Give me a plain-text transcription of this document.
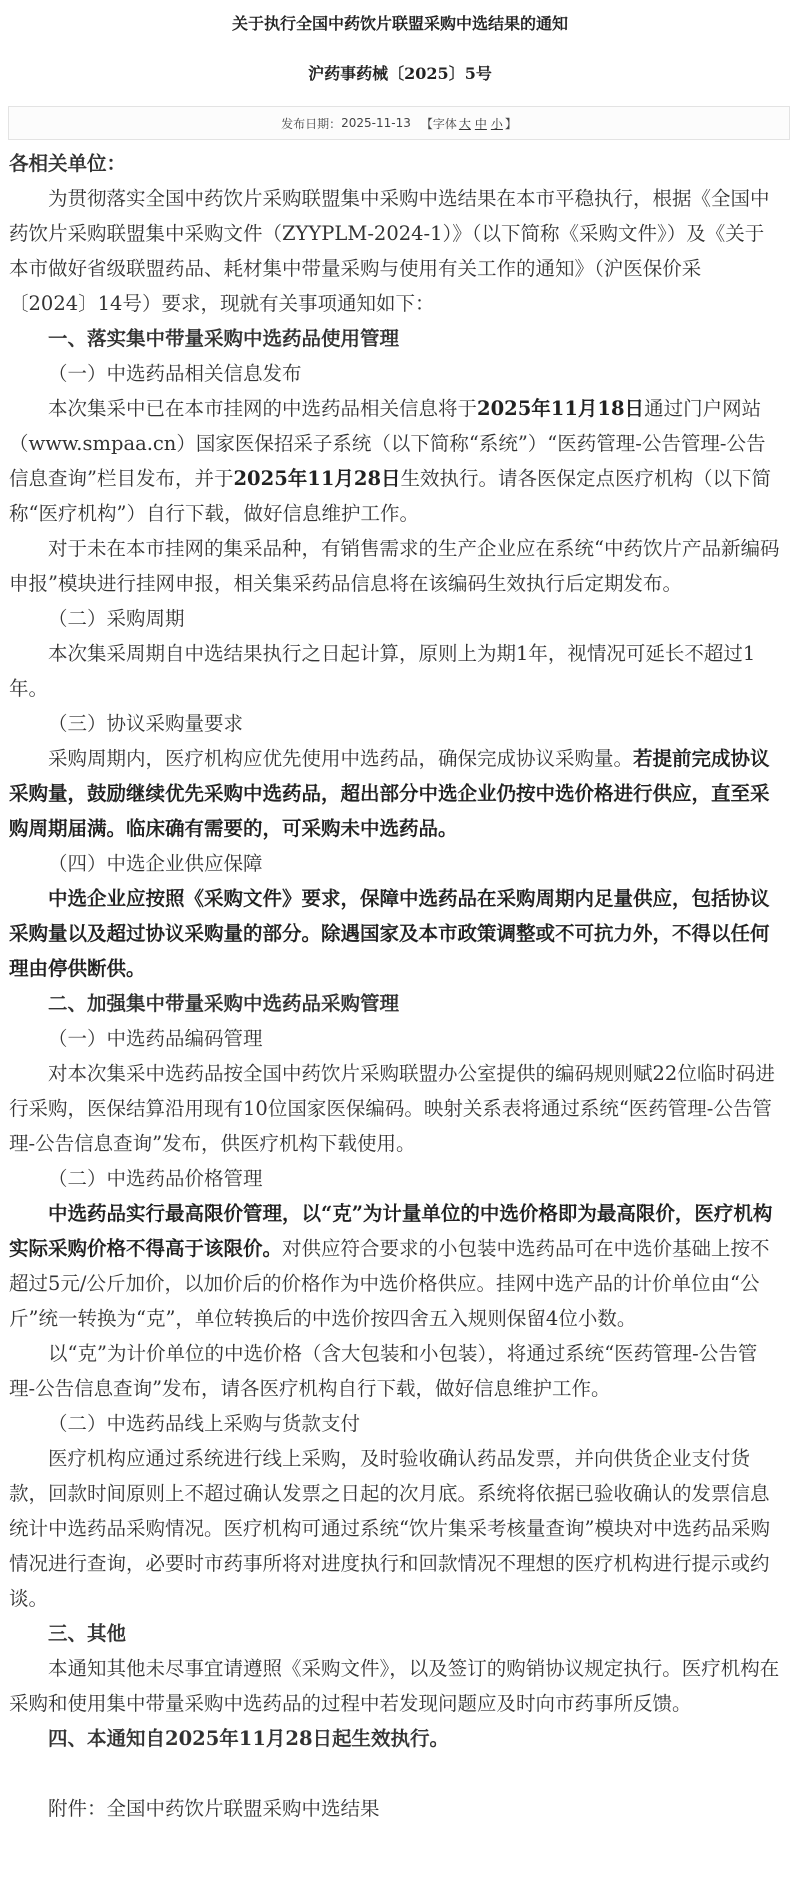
关于执行全国中药饮片联盟采购中选结果的通知
沪药事药械〔2025〕5号
发布日期： 2025-11-13 【字体 大 中 小 】

各相关单位：

为贯彻落实全国中药饮片采购联盟集中采购中选结果在本市平稳执行，根据《全国中药饮片采购联盟集中采购文件（ZYYPLM-2024-1）》（以下简称《采购文件》）及《关于本市做好省级联盟药品、耗材集中带量采购与使用有关工作的通知》（沪医保价采〔2024〕14号）要求，现就有关事项通知如下：

一、落实集中带量采购中选药品使用管理

（一）中选药品相关信息发布

本次集采中已在本市挂网的中选药品相关信息将于2025年11月18日通过门户网站（www.smpaa.cn）国家医保招采子系统（以下简称“系统”）“医药管理-公告管理-公告信息查询”栏目发布，并于2025年11月28日生效执行。请各医保定点医疗机构（以下简称“医疗机构”）自行下载，做好信息维护工作。

对于未在本市挂网的集采品种，有销售需求的生产企业应在系统“中药饮片产品新编码申报”模块进行挂网申报，相关集采药品信息将在该编码生效执行后定期发布。

（二）采购周期

本次集采周期自中选结果执行之日起计算，原则上为期1年，视情况可延长不超过1年。

（三）协议采购量要求

采购周期内，医疗机构应优先使用中选药品，确保完成协议采购量。若提前完成协议采购量，鼓励继续优先采购中选药品，超出部分中选企业仍按中选价格进行供应，直至采购周期届满。临床确有需要的，可采购未中选药品。

（四）中选企业供应保障

中选企业应按照《采购文件》要求，保障中选药品在采购周期内足量供应，包括协议采购量以及超过协议采购量的部分。除遇国家及本市政策调整或不可抗力外，不得以任何理由停供断供。

二、加强集中带量采购中选药品采购管理

（一）中选药品编码管理

对本次集采中选药品按全国中药饮片采购联盟办公室提供的编码规则赋22位临时码进行采购，医保结算沿用现有10位国家医保编码。映射关系表将通过系统“医药管理-公告管理-公告信息查询”发布，供医疗机构下载使用。

（二）中选药品价格管理

中选药品实行最高限价管理，以“克”为计量单位的中选价格即为最高限价，医疗机构实际采购价格不得高于该限价。对供应符合要求的小包装中选药品可在中选价基础上按不超过5元/公斤加价，以加价后的价格作为中选价格供应。挂网中选产品的计价单位由“公斤”统一转换为“克”，单位转换后的中选价按四舍五入规则保留4位小数。

以“克”为计价单位的中选价格（含大包装和小包装），将通过系统“医药管理-公告管理-公告信息查询”发布，请各医疗机构自行下载，做好信息维护工作。

（二）中选药品线上采购与货款支付

医疗机构应通过系统进行线上采购，及时验收确认药品发票，并向供货企业支付货款，回款时间原则上不超过确认发票之日起的次月底。系统将依据已验收确认的发票信息统计中选药品采购情况。医疗机构可通过系统“饮片集采考核量查询”模块对中选药品采购情况进行查询，必要时市药事所将对进度执行和回款情况不理想的医疗机构进行提示或约谈。

三、其他

本通知其他未尽事宜请遵照《采购文件》，以及签订的购销协议规定执行。医疗机构在采购和使用集中带量采购中选药品的过程中若发现问题应及时向市药事所反馈。

四、本通知自2025年11月28日起生效执行。

附件：全国中药饮片联盟采购中选结果
